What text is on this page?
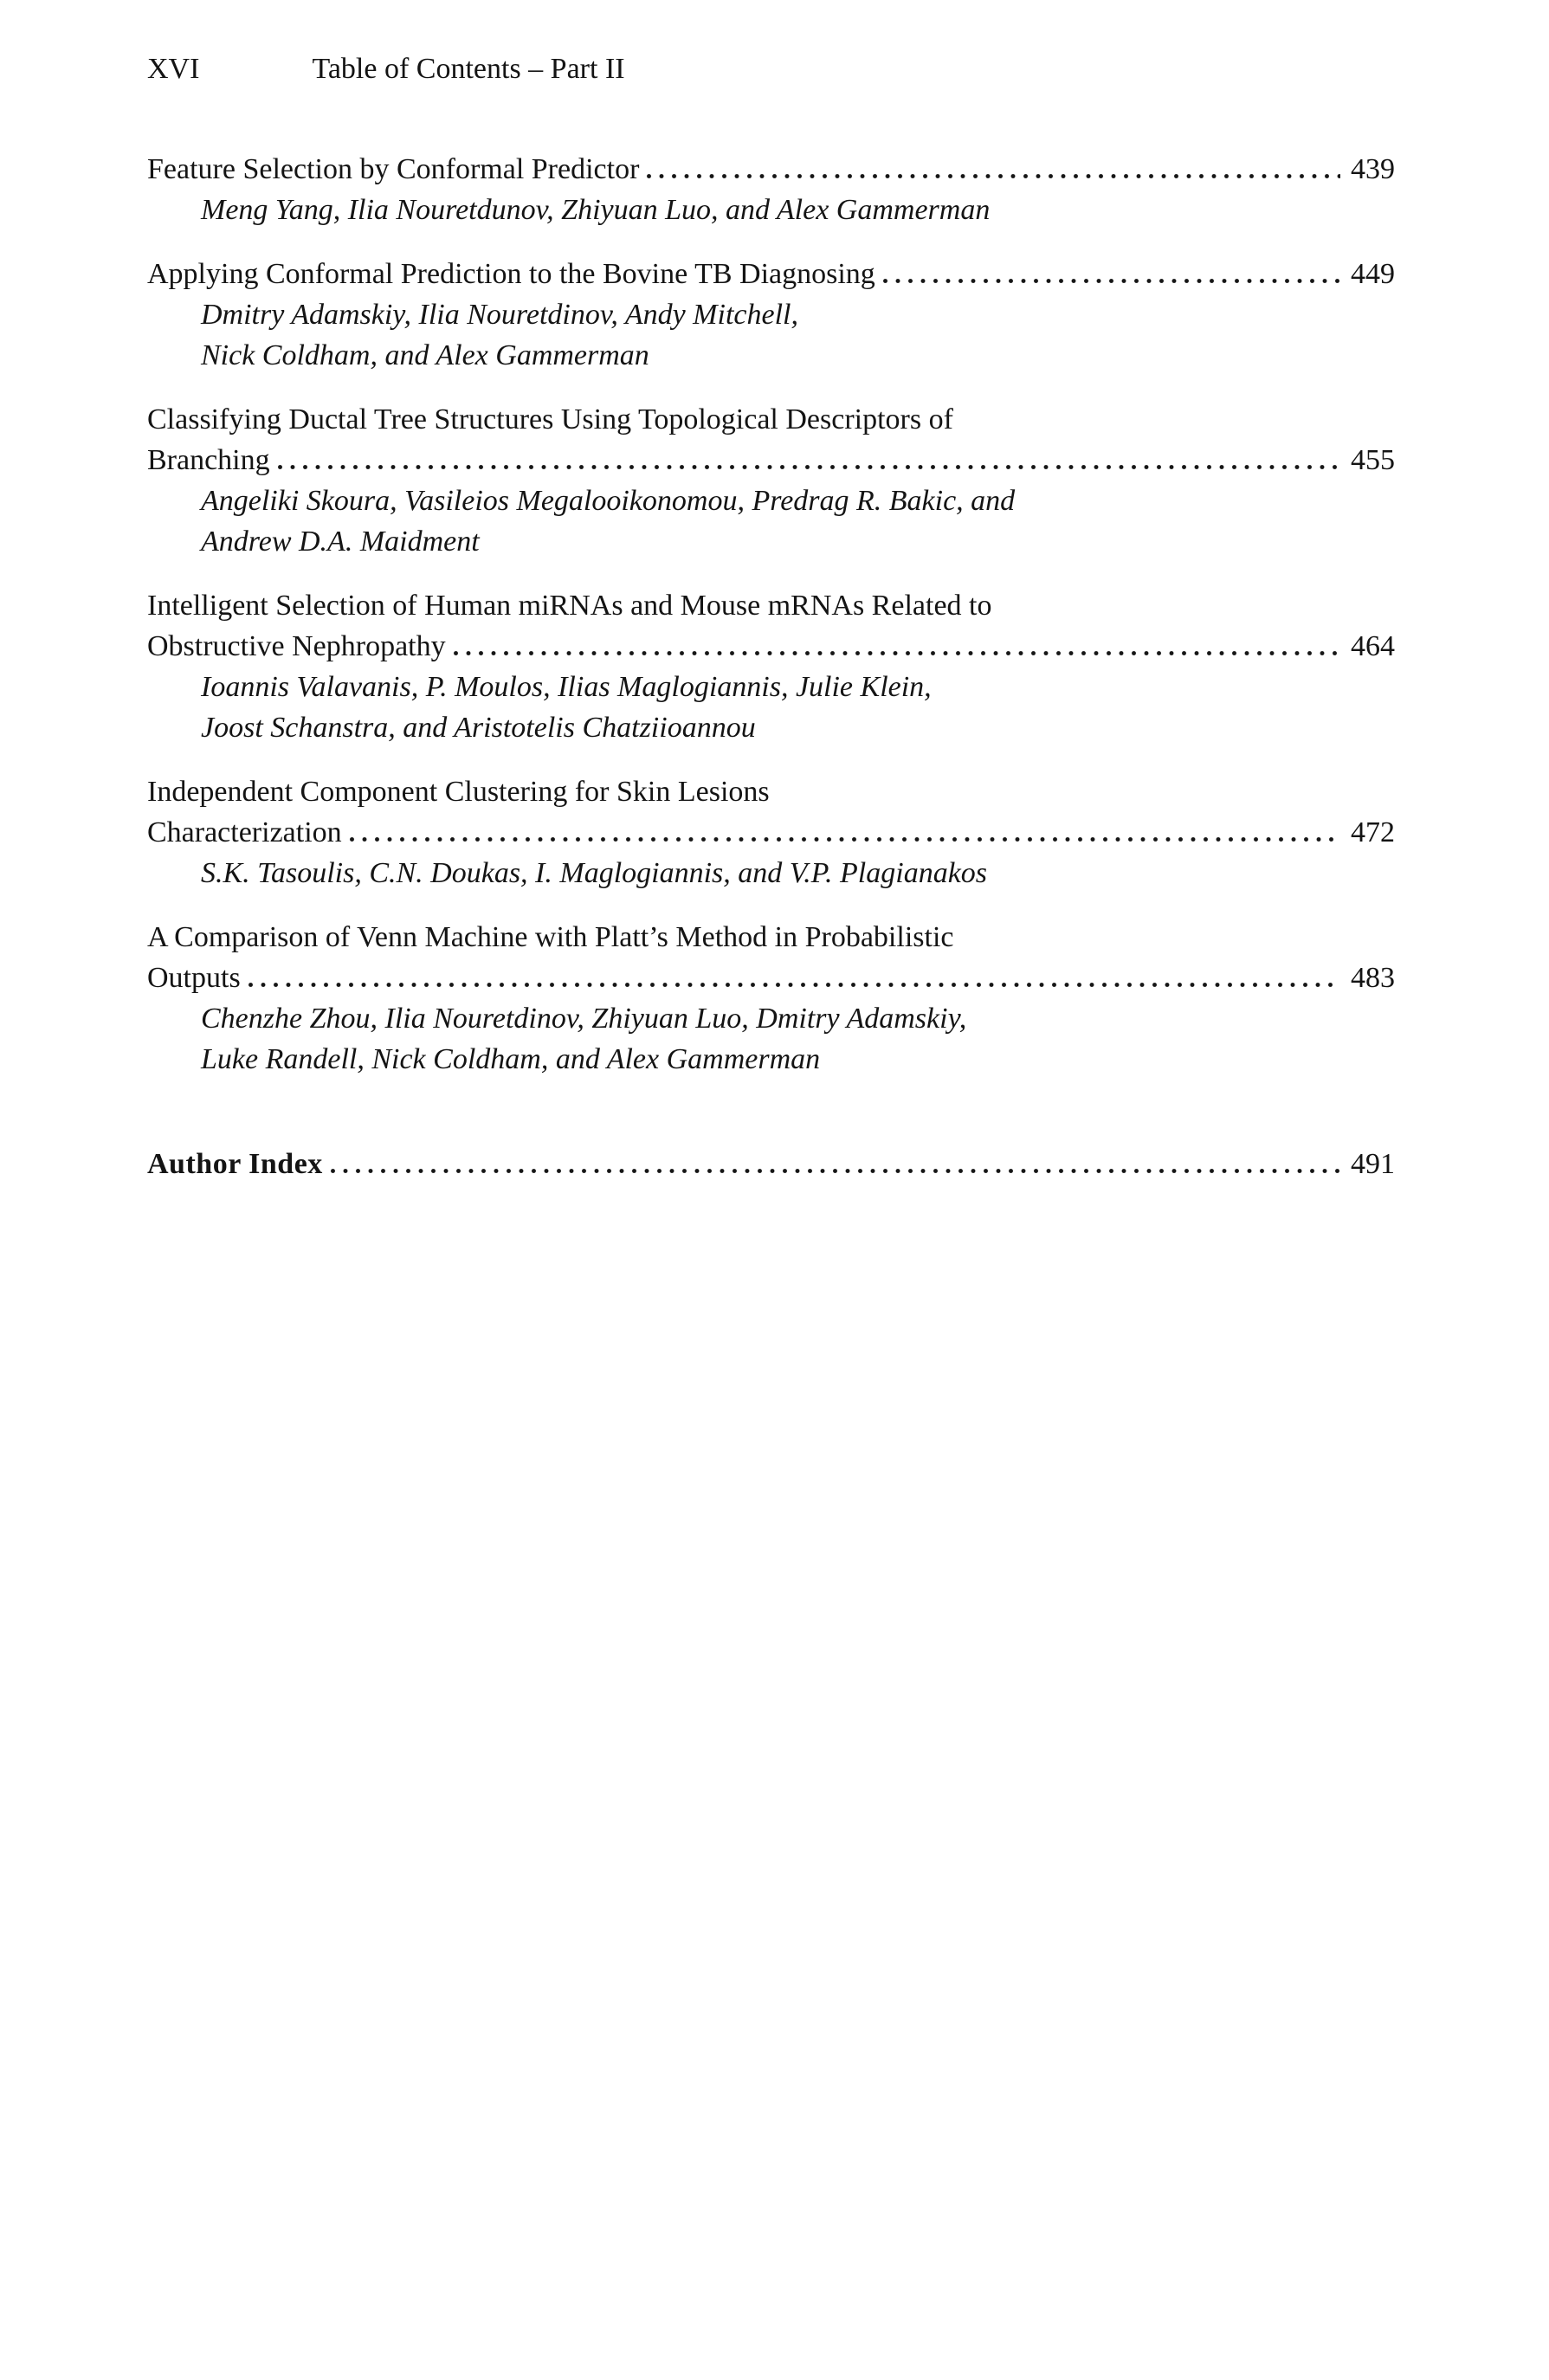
XVI	Table of Contents – Part II
Feature Selection by Conformal Predictor	439
Meng Yang, Ilia Nouretdunov, Zhiyuan Luo, and Alex Gammerman
Applying Conformal Prediction to the Bovine TB Diagnosing	449
Dmitry Adamskiy, Ilia Nouretdinov, Andy Mitchell,
Nick Coldham, and Alex Gammerman
Classifying Ductal Tree Structures Using Topological Descriptors of
Branching	455
Angeliki Skoura, Vasileios Megalooikonomou, Predrag R. Bakic, and
Andrew D.A. Maidment
Intelligent Selection of Human miRNAs and Mouse mRNAs Related to
Obstructive Nephropathy	464
Ioannis Valavanis, P. Moulos, Ilias Maglogiannis, Julie Klein,
Joost Schanstra, and Aristotelis Chatziioannou
Independent Component Clustering for Skin Lesions
Characterization	472
S.K. Tasoulis, C.N. Doukas, I. Maglogiannis, and V.P. Plagianakos
A Comparison of Venn Machine with Platt’s Method in Probabilistic
Outputs	483
Chenzhe Zhou, Ilia Nouretdinov, Zhiyuan Luo, Dmitry Adamskiy,
Luke Randell, Nick Coldham, and Alex Gammerman
Author Index	491
